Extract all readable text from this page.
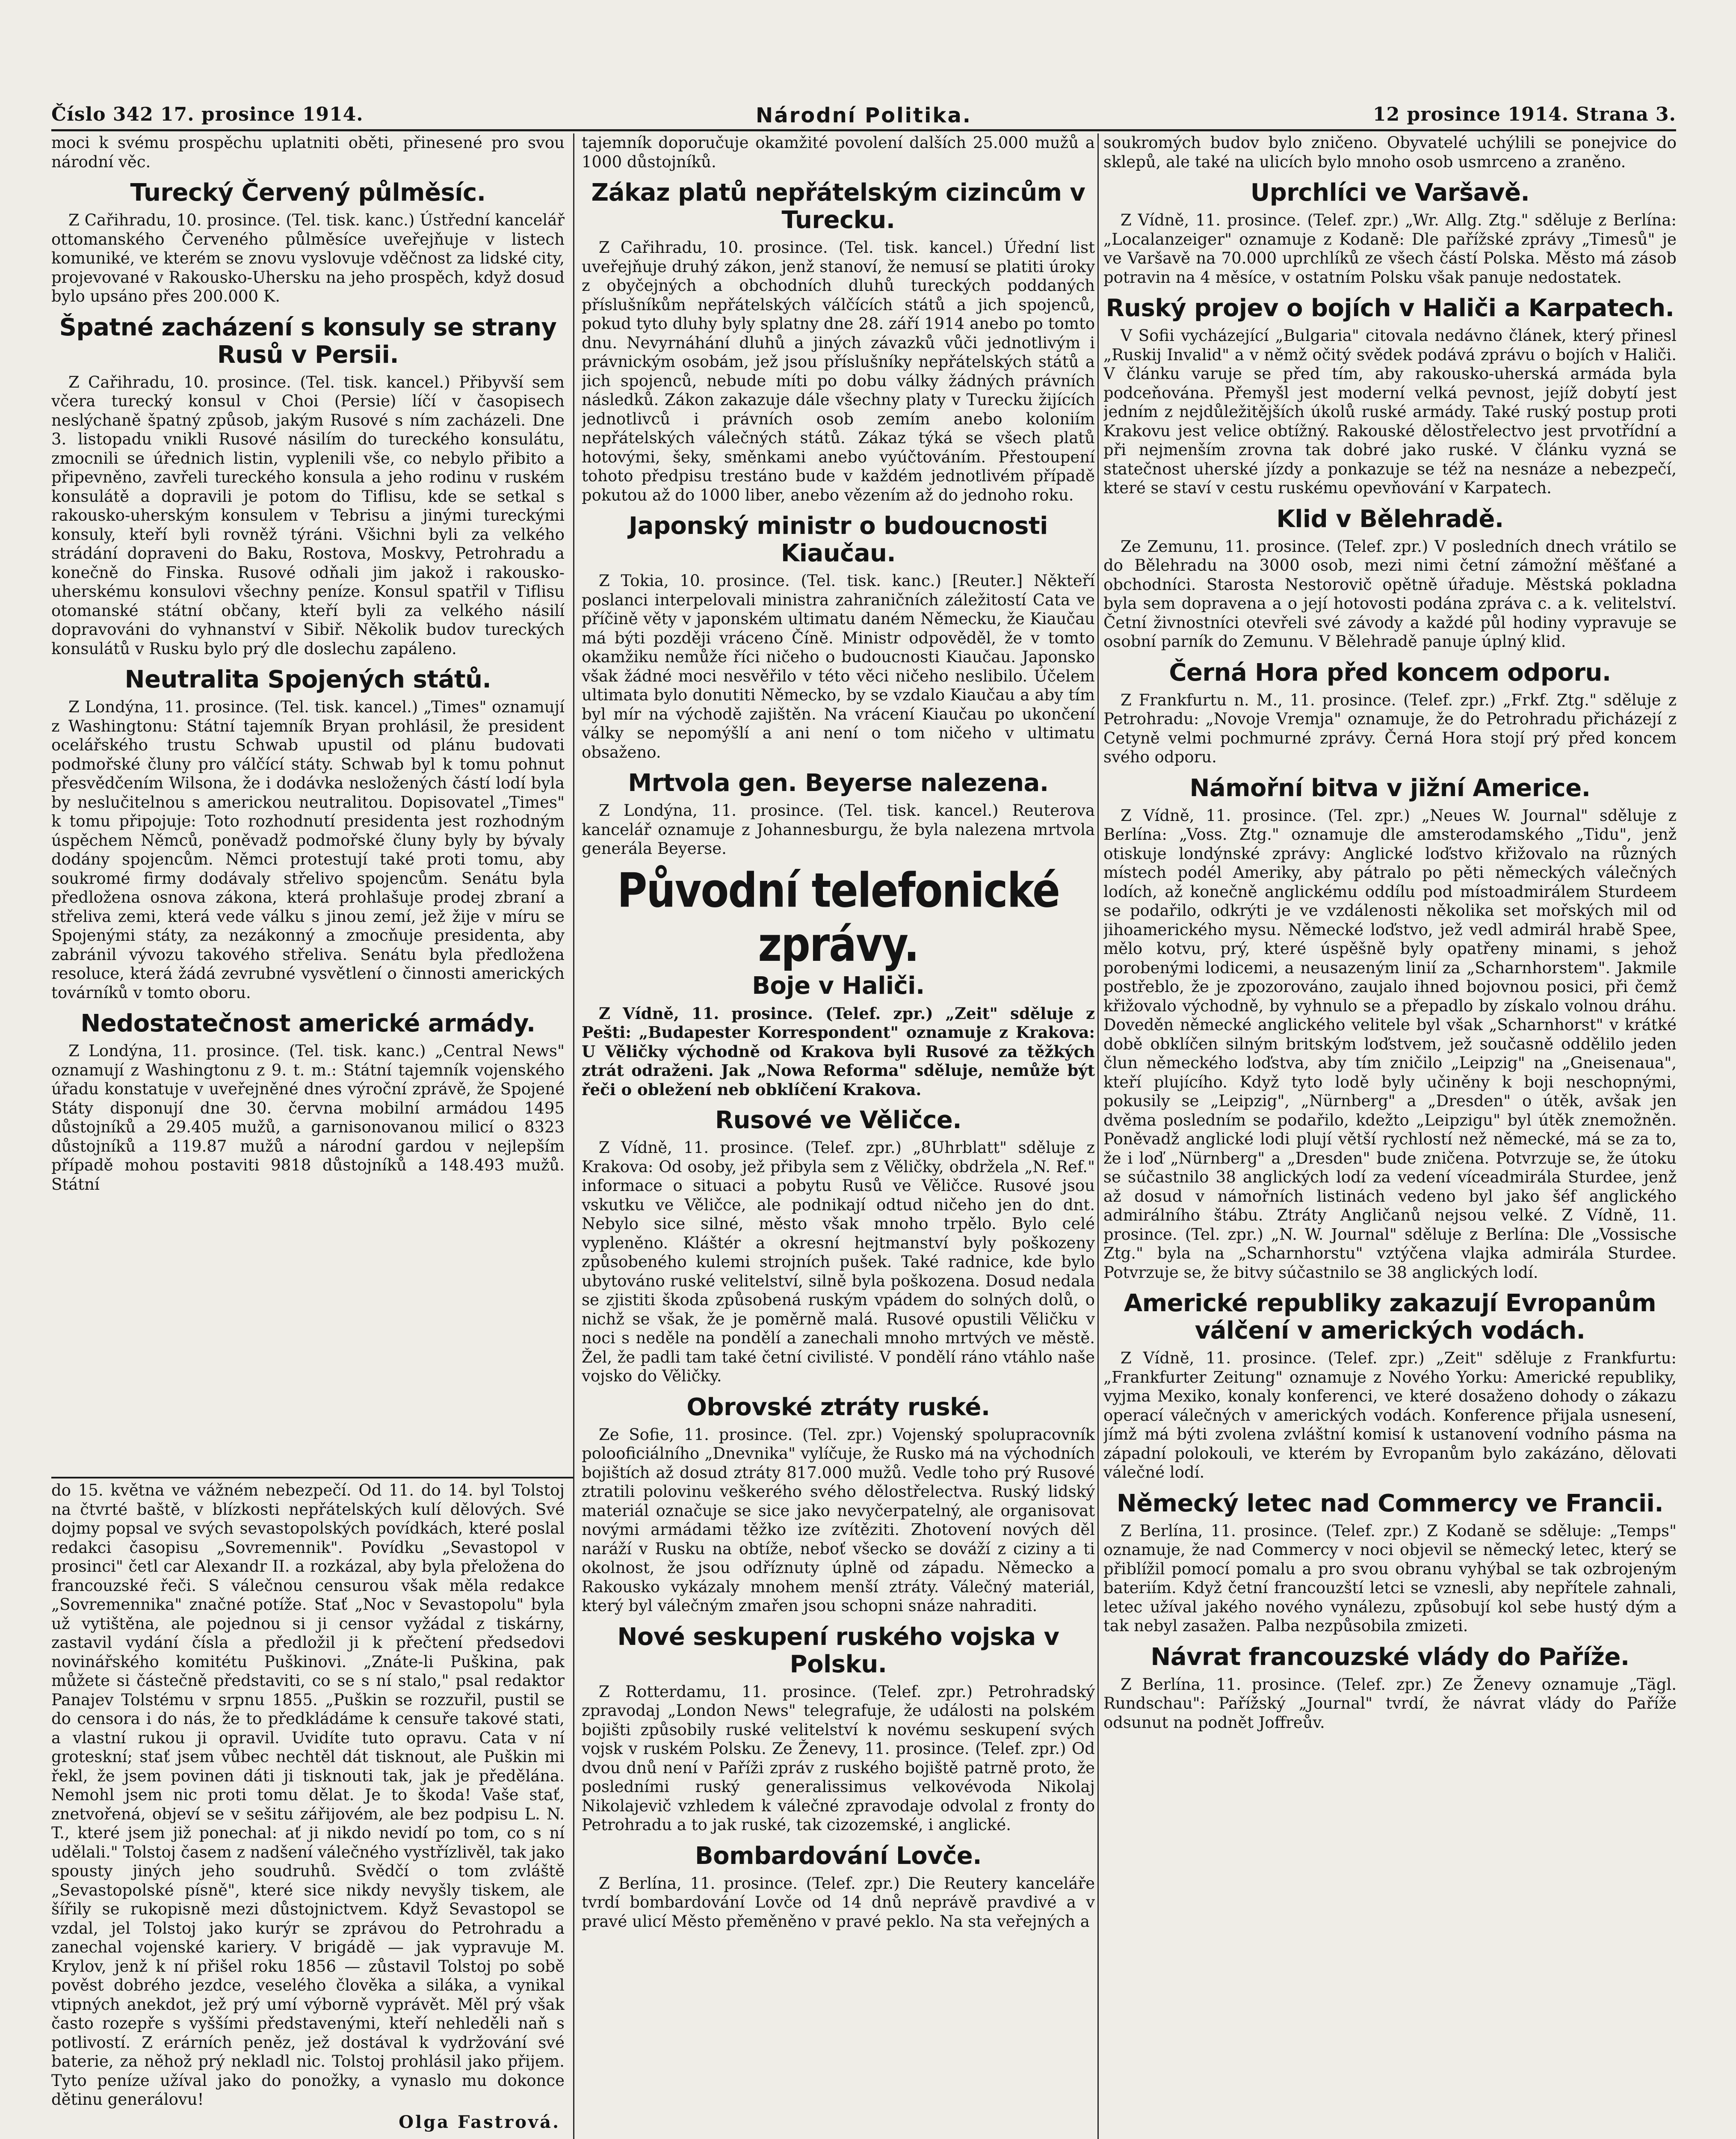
Číslo 342 17. prosince 1914.	Národní Politika.	12 prosince 1914. Strana 3.

moci k svému prospěchu uplatniti oběti, přinesené pro svou národní věc.

Turecký Červený půlměsíc.

Z Cařihradu, 10. prosince. (Tel. tisk. kanc.) Ústřední kancelář ottomanského Červeného půlměsíce uveřejňuje v listech komuniké, ve kterém se znovu vyslovuje vděčnost za lidské city, projevované v Rakousko-Uhersku na jeho prospěch, když dosud bylo upsáno přes 200.000 K.

Špatné zacházení s konsuly se strany Rusů v Persii.

Z Cařihradu, 10. prosince. (Tel. tisk. kancel.) Přibyvší sem včera turecký konsul v Choi (Persie) líčí v časopisech neslýchaně špatný způsob, jakým Rusové s ním zacházeli. Dne 3. listopadu vnikli Rusové násilím do tureckého konsulátu, zmocnili se úřednich listin, vyplenili vše, co nebylo přibito a připevněno, zavřeli tureckého konsula a jeho rodinu v ruském konsulátě a dopravili je potom do Tiflisu, kde se setkal s rakousko-uherským konsulem v Tebrisu a jinými tureckými konsuly, kteří byli rovněž týráni. Všichni byli za velkého strádání dopraveni do Baku, Rostova, Moskvy, Petrohradu a konečně do Finska. Rusové odňali jim jakož i rakousko-uherskému konsulovi všechny peníze. Konsul spatřil v Tiflisu otomanské státní občany, kteří byli za velkého násilí dopravováni do vyhnanství v Sibiř. Několik budov tureckých konsulátů v Rusku bylo prý dle doslechu zapáleno.

Neutralita Spojených států.

Z Londýna, 11. prosince. (Tel. tisk. kancel.) „Times" oznamují z Washingtonu: Státní tajemník Bryan prohlásil, že president ocelářského trustu Schwab upustil od plánu budovati podmořské čluny pro válčící státy. Schwab byl k tomu pohnut přesvědčením Wilsona, že i dodávka nesložených částí lodí byla by neslučitelnou s americkou neutralitou. Dopisovatel „Times" k tomu připojuje: Toto rozhodnutí presidenta jest rozhodným úspěchem Němců, poněvadž podmořské čluny byly by bývaly dodány spojencům. Němci protestují také proti tomu, aby soukromé firmy dodávaly střelivo spojencům. Senátu byla předložena osnova zákona, která prohlašuje prodej zbraní a střeliva zemi, která vede válku s jinou zemí, jež žije v míru se Spojenými státy, za nezákonný a zmocňuje presidenta, aby zabránil vývozu takového střeliva. Senátu byla předložena resoluce, která žádá zevrubné vysvětlení o činnosti amerických továrníků v tomto oboru.

Nedostatečnost americké armády.

Z Londýna, 11. prosince. (Tel. tisk. kanc.) „Central News" oznamují z Washingtonu z 9. t. m.: Státní tajemník vojenského úřadu konstatuje v uveřejněné dnes výroční zprávě, že Spojené Státy disponují dne 30. června mobilní armádou 1495 důstojníků a 29.405 mužů, a garnisonovanou milicí o 8323 důstojníků a 119.87 mužů a národní gardou v nejlepším případě mohou postaviti 9818 důstojníků a 148.493 mužů. Státní

do 15. května ve vážném nebezpečí. Od 11. do 14. byl Tolstoj na čtvrté baště, v blízkosti nepřátelských kulí dělových. Své dojmy popsal ve svých sevastopolských povídkách, které poslal redakci časopisu „Sovremennik". Povídku „Sevastopol v prosinci" četl car Alexandr II. a rozkázal, aby byla přeložena do francouzské řeči. S válečnou censurou však měla redakce „Sovremennika" značné potíže. Stať „Noc v Sevastopolu" byla už vytištěna, ale pojednou si ji censor vyžádal z tiskárny, zastavil vydání čísla a předložil ji k přečtení předsedovi novinářského komitétu Puškinovi. „Znáte-li Puškina, pak můžete si částečně představiti, co se s ní stalo," psal redaktor Panajev Tolstému v srpnu 1855. „Puškin se rozzuřil, pustil se do censora i do nás, že to předkládáme k censuře takové stati, a vlastní rukou ji opravil. Uvidíte tuto opravu. Cata v ní groteskní; stať jsem vůbec nechtěl dát tisknout, ale Puškin mi řekl, že jsem povinen dáti ji tisknouti tak, jak je předělána. Nemohl jsem nic proti tomu dělat. Je to škoda! Vaše stať, znetvořená, objeví se v sešitu zářijovém, ale bez podpisu L. N. T., které jsem již ponechal: ať ji nikdo nevidí po tom, co s ní udělali." Tolstoj časem z nadšení válečného vystřízlivěl, tak jako spousty jiných jeho soudruhů. Svědčí o tom zvláště „Sevastopolské písně", které sice nikdy nevyšly tiskem, ale šířily se rukopisně mezi důstojnictvem. Když Sevastopol se vzdal, jel Tolstoj jako kurýr se zprávou do Petrohradu a zanechal vojenské kariery. V brigádě — jak vypravuje M. Krylov, jenž k ní přišel roku 1856 — zůstavil Tolstoj po sobě pověst dobrého jezdce, veselého člověka a siláka, a vynikal vtipných anekdot, jež prý umí výborně vyprávět. Měl prý však často rozepře s vyššími představenými, kteří nehleděli naň s potlivostí. Z erárních peněz, jež dostával k vydržování své baterie, za něhož prý nekladl nic. Tolstoj prohlásil jako přijem. Tyto peníze užíval jako do ponožky, a vynaslo mu dokonce dětinu generálovu!

Olga Fastrová.

tajemník doporučuje okamžité povolení dalších 25.000 mužů a 1000 důstojníků.

Zákaz platů nepřátelským cizincům v Turecku.

Z Cařihradu, 10. prosince. (Tel. tisk. kancel.) Úřední list uveřejňuje druhý zákon, jenž stanoví, že nemusí se platiti úroky z obyčejných a obchodních dluhů tureckých poddaných příslušníkům nepřátelských válčících států a jich spojenců, pokud tyto dluhy byly splatny dne 28. září 1914 anebo po tomto dnu. Nevyrnáhání dluhů a jiných závazků vůči jednotlivým i právnickým osobám, jež jsou příslušníky nepřátelských států a jich spojenců, nebude míti po dobu války žádných právních následků. Zákon zakazuje dále všechny platy v Turecku žijících jednotlivců i právních osob zemím anebo koloniím nepřátelských válečných států. Zákaz týká se všech platů hotovými, šeky, směnkami anebo vyúčtováním. Přestoupení tohoto předpisu trestáno bude v každém jednotlivém případě pokutou až do 1000 liber, anebo vězením až do jednoho roku.

Japonský ministr o budoucnosti Kiaučau.

Z Tokia, 10. prosince. (Tel. tisk. kanc.) [Reuter.] Někteří poslanci interpelovali ministra zahraničních záležitostí Cata ve příčině věty v japonském ultimatu daném Německu, že Kiaučau má býti později vráceno Číně. Ministr odpověděl, že v tomto okamžiku nemůže říci ničeho o budoucnosti Kiaučau. Japonsko však žádné moci nesvěřilo v této věci ničeho neslibilo. Účelem ultimata bylo donutiti Německo, by se vzdalo Kiaučau a aby tím byl mír na východě zajištěn. Na vrácení Kiaučau po ukončení války se nepomýšlí a ani není o tom ničeho v ultimatu obsaženo.

Mrtvola gen. Beyerse nalezena.

Z Londýna, 11. prosince. (Tel. tisk. kancel.) Reuterova kancelář oznamuje z Johannesburgu, že byla nalezena mrtvola generála Beyerse.

Původní telefonické zprávy.
Boje v Haliči.

Z Vídně, 11. prosince. (Telef. zpr.) „Zeit" sděluje z Pešti: „Budapester Korrespondent" oznamuje z Krakova: U Věličky východně od Krakova byli Rusové za těžkých ztrát odraženi. Jak „Nowa Reforma" sděluje, nemůže být řeči o obležení neb obklíčení Krakova.

Rusové ve Věličce.

Z Vídně, 11. prosince. (Telef. zpr.) „8Uhrblatt" sděluje z Krakova: Od osoby, jež přibyla sem z Věličky, obdržela „N. Ref." informace o situaci a pobytu Rusů ve Věličce. Rusové jsou vskutku ve Věličce, ale podnikají odtud ničeho jen do dnt. Nebylo sice silné, město však mnoho trpělo. Bylo celé vypleněno. Kláštér a okresní hejtmanství byly poškozeny způsobeného kulemi strojních pušek. Také radnice, kde bylo ubytováno ruské velitelství, silně byla poškozena. Dosud nedala se zjistiti škoda způsobená ruským vpádem do solných dolů, o nichž se však, že je poměrně malá. Rusové opustili Věličku v noci s neděle na pondělí a zanechali mnoho mrtvých ve městě. Žel, že padli tam také četní civilisté. V pondělí ráno vtáhlo naše vojsko do Věličky.

Obrovské ztráty ruské.

Ze Sofie, 11. prosince. (Tel. zpr.) Vojenský spolupracovník polooficiálního „Dnevnika" vylíčuje, že Rusko má na východních bojištích až dosud ztráty 817.000 mužů. Vedle toho prý Rusové ztratili polovinu veškerého svého dělostřelectva. Ruský lidský materiál označuje se sice jako nevyčerpatelný, ale organisovat novými armádami těžko ize zvítěziti. Zhotovení nových děl naráží v Rusku na obtíže, neboť všecko se dováží z ciziny a ti okolnost, že jsou odříznuty úplně od západu. Německo a Rakousko vykázaly mnohem menší ztráty. Válečný materiál, který byl válečným zmařen jsou schopni snáze nahraditi.

Nové seskupení ruského vojska v Polsku.

Z Rotterdamu, 11. prosince. (Telef. zpr.) Petrohradský zpravodaj „London News" telegrafuje, že události na polském bojišti způsobily ruské velitelství k novému seskupení svých vojsk v ruském Polsku. Ze Ženevy, 11. prosince. (Telef. zpr.) Od dvou dnů není v Paříži zpráv z ruského bojiště patrně proto, že posledními ruský generalissimus velkovévoda Nikolaj Nikolajevič vzhledem k válečné zpravodaje odvolal z fronty do Petrohradu a to jak ruské, tak cizozemské, i anglické.

Bombardování Lovče.

Z Berlína, 11. prosince. (Telef. zpr.) Die Reutery kanceláře tvrdí bombardování Lovče od 14 dnů neprávě pravdivé a v pravé ulicí Město přeměněno v pravé peklo. Na sta veřejných a

soukromých budov bylo zničeno. Obyvatelé uchýlili se ponejvice do sklepů, ale také na ulicích bylo mnoho osob usmrceno a zraněno.

Uprchlíci ve Varšavě.

Z Vídně, 11. prosince. (Telef. zpr.) „Wr. Allg. Ztg." sděluje z Berlína: „Localanzeiger" oznamuje z Kodaně: Dle pařížské zprávy „Timesů" je ve Varšavě na 70.000 uprchlíků ze všech částí Polska. Město má zásob potravin na 4 měsíce, v ostatním Polsku však panuje nedostatek.

Ruský projev o bojích v Haliči a Karpatech.

V Sofii vycházející „Bulgaria" citovala nedávno článek, který přinesl „Ruskij Invalid" a v němž očitý svědek podává zprávu o bojích v Haliči. V článku varuje se před tím, aby rakousko-uherská armáda byla podceňována. Přemyšl jest moderní velká pevnost, jejíž dobytí jest jedním z nejdůležitějších úkolů ruské armády. Také ruský postup proti Krakovu jest velice obtížný. Rakouské dělostřelectvo jest prvotřídní a při nejmenším zrovna tak dobré jako ruské. V článku vyzná se statečnost uherské jízdy a ponkazuje se též na nesnáze a nebezpečí, které se staví v cestu ruskému opevňování v Karpatech.

Klid v Bělehradě.

Ze Zemunu, 11. prosince. (Telef. zpr.) V posledních dnech vrátilo se do Bělehradu na 3000 osob, mezi nimi četní zámožní měšťané a obchodníci. Starosta Nestorovič opětně úřaduje. Městská pokladna byla sem dopravena a o její hotovosti podána zpráva c. a k. velitelství. Četní živnostníci otevřeli své závody a každé půl hodiny vypravuje se osobní parník do Zemunu. V Bělehradě panuje úplný klid.

Černá Hora před koncem odporu.

Z Frankfurtu n. M., 11. prosince. (Telef. zpr.) „Frkf. Ztg." sděluje z Petrohradu: „Novoje Vremja" oznamuje, že do Petrohradu přicházejí z Cetyně velmi pochmurné zprávy. Černá Hora stojí prý před koncem svého odporu.

Námořní bitva v jižní Americe.

Z Vídně, 11. prosince. (Tel. zpr.) „Neues W. Journal" sděluje z Berlína: „Voss. Ztg." oznamuje dle amsterodamského „Tidu", jenž otiskuje londýnské zprávy: Anglické loďstvo křižovalo na různých místech podél Ameriky, aby pátralo po pěti německých válečných lodích, až konečně anglickému oddílu pod místoadmirálem Sturdeem se podařilo, odkrýti je ve vzdálenosti několika set mořských mil od jihoamerického mysu. Německé loďstvo, jež vedl admirál hrabě Spee, mělo kotvu, prý, které úspěšně byly opatřeny minami, s jehož porobenými lodicemi, a neusazeným linií za „Scharnhorstem". Jakmile postřeblo, že je zpozorováno, zaujalo ihned bojovnou posici, při čemž křižovalo východně, by vyhnulo se a přepadlo by získalo volnou dráhu. Doveděn německé anglického velitele byl však „Scharnhorst" v krátké době obklíčen silným britským loďstvem, jež současně oddělilo jeden člun německého loďstva, aby tím zničilo „Leipzig" na „Gneisenaua", kteří plujícího. Když tyto lodě byly učiněny k boji neschopnými, pokusily se „Leipzig", „Nürnberg" a „Dresden" o útěk, avšak jen dvěma posledním se podařilo, kdežto „Leipzigu" byl útěk znemožněn. Poněvadž anglické lodi plují větší rychlostí než německé, má se za to, že i loď „Nürnberg" a „Dresden" bude zničena. Potvrzuje se, že útoku se súčastnilo 38 anglických lodí za vedení víceadmirála Sturdee, jenž až dosud v námořních listinách vedeno byl jako šéf anglického admirálního štábu. Ztráty Angličanů nejsou velké. Z Vídně, 11. prosince. (Tel. zpr.) „N. W. Journal" sděluje z Berlína: Dle „Vossische Ztg." byla na „Scharnhorstu" vztýčena vlajka admirála Sturdee. Potvrzuje se, že bitvy súčastnilo se 38 anglických lodí.

Americké republiky zakazují Evropanům válčení v amerických vodách.

Z Vídně, 11. prosince. (Telef. zpr.) „Zeit" sděluje z Frankfurtu: „Frankfurter Zeitung" oznamuje z Nového Yorku: Americké republiky, vyjma Mexiko, konaly konferenci, ve které dosaženo dohody o zákazu operací válečných v amerických vodách. Konference přijala usnesení, jímž má býti zvolena zvláštní komisí k ustanovení vodního pásma na západní polokouli, ve kterém by Evropanům bylo zakázáno, dělovati válečné lodí.

Německý letec nad Commercy ve Francii.

Z Berlína, 11. prosince. (Telef. zpr.) Z Kodaně se sděluje: „Temps" oznamuje, že nad Commercy v noci objevil se německý letec, který se přiblížil pomocí pomalu a pro svou obranu vyhýbal se tak ozbrojeným bateriím. Když četní francouzští letci se vznesli, aby nepřítele zahnali, letec užíval jakého nového vynálezu, způsobují kol sebe hustý dým a tak nebyl zasažen. Palba nezpůsobila zmizeti.

Návrat francouzské vlády do Paříže.

Z Berlína, 11. prosince. (Telef. zpr.) Ze Ženevy oznamuje „Tägl. Rundschau": Pařížský „Journal" tvrdí, že návrat vlády do Paříže odsunut na podnět Joffreův.
